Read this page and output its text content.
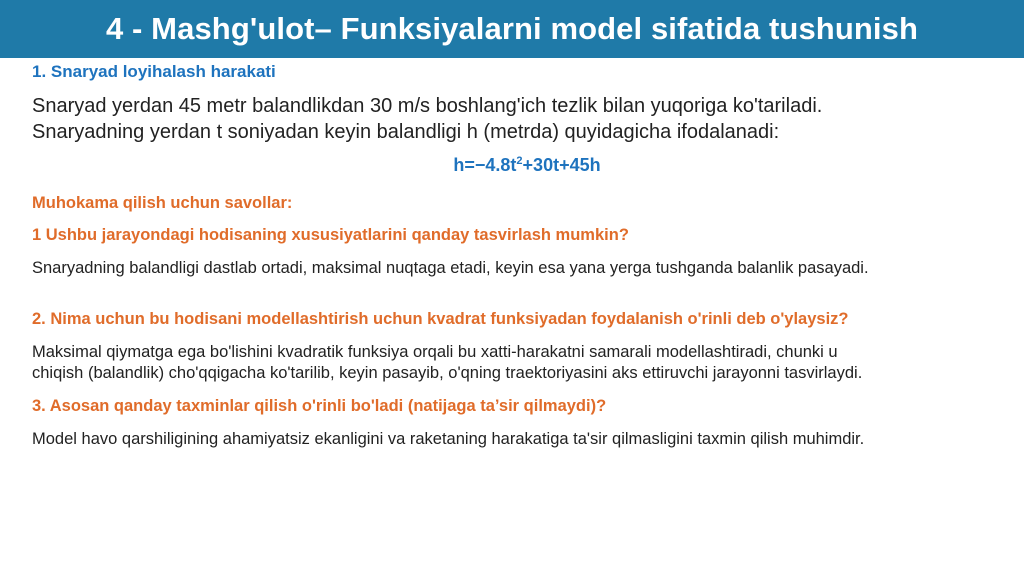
4 - Mashg'ulot– Funksiyalarni model sifatida tushunish
1. Snaryad loyihalash harakati
Snaryad yerdan 45 metr balandlikdan 30 m/s boshlang'ich tezlik bilan yuqoriga ko'tariladi.
Snaryadning yerdan t soniyadan keyin balandligi h (metrda) quyidagicha ifodalanadi:
$h=-4.8t^2+30t+45h$
Muhokama qilish uchun savollar:
1 Ushbu jarayondagi hodisaning xususiyatlarini qanday tasvirlash mumkin?
Snaryadning balandligi dastlab ortadi, maksimal nuqtaga etadi, keyin esa yana yerga tushganda balanlik pasayadi.
2. Nima uchun bu hodisani modellashtirish uchun kvadrat funksiyadan foydalanish o'rinli deb o'ylaysiz?
Maksimal qiymatga ega bo'lishini kvadratik funksiya orqali bu xatti-harakatni samarali modellashtiradi, chunki u
chiqish (balandlik) cho'qqigacha ko'tarilib, keyin pasayib, o'qning traektoriyasini aks ettiruvchi jarayonni tasvirlaydi.
3. Asosan qanday taxminlar qilish o'rinli bo'ladi (natijaga ta’sir qilmaydi)?
Model havo qarshiligining ahamiyatsiz ekanligini va raketaning harakatiga ta'sir qilmasligini taxmin qilish muhimdir.
